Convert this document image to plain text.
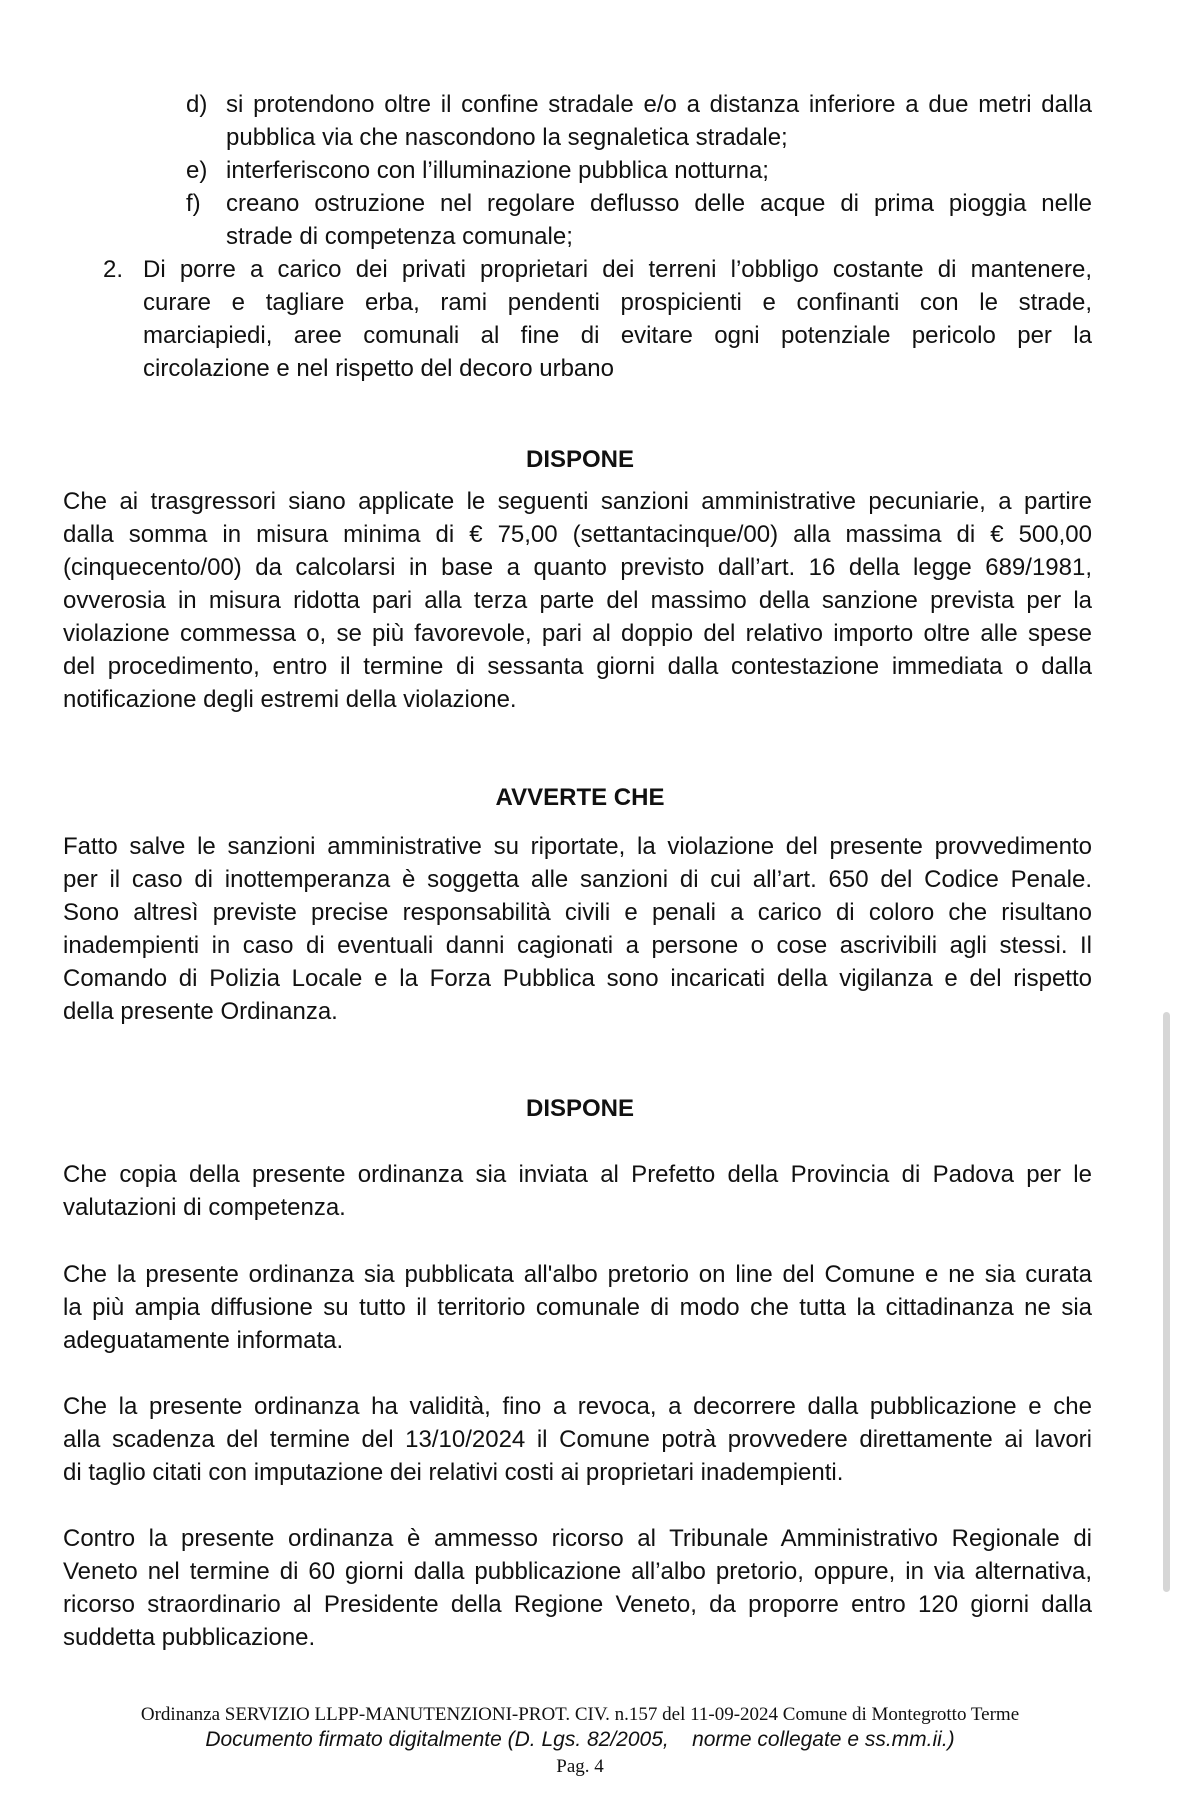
d) si protendono oltre il confine stradale e/o a distanza inferiore a due metri dalla
pubblica via che nascondono la segnaletica stradale;
e) interferiscono con l’illuminazione pubblica notturna;
f) creano ostruzione nel regolare deflusso delle acque di prima pioggia nelle
strade di competenza comunale;
2. Di porre a carico dei privati proprietari dei terreni l’obbligo costante di mantenere,
curare e tagliare erba, rami pendenti prospicienti e confinanti con le strade,
marciapiedi, aree comunali al fine di evitare ogni potenziale pericolo per la
circolazione e nel rispetto del decoro urbano
DISPONE
Che ai trasgressori siano applicate le seguenti sanzioni amministrative pecuniarie, a partire
dalla somma in misura minima di € 75,00 (settantacinque/00) alla massima di € 500,00
(cinquecento/00) da calcolarsi in base a quanto previsto dall’art. 16 della legge 689/1981,
ovverosia in misura ridotta pari alla terza parte del massimo della sanzione prevista per la
violazione commessa o, se più favorevole, pari al doppio del relativo importo oltre alle spese
del procedimento, entro il termine di sessanta giorni dalla contestazione immediata o dalla
notificazione degli estremi della violazione.
AVVERTE CHE
Fatto salve le sanzioni amministrative su riportate, la violazione del presente provvedimento
per il caso di inottemperanza è soggetta alle sanzioni di cui all’art. 650 del Codice Penale.
Sono altresì previste precise responsabilità civili e penali a carico di coloro che risultano
inadempienti in caso di eventuali danni cagionati a persone o cose ascrivibili agli stessi. Il
Comando di Polizia Locale e la Forza Pubblica sono incaricati della vigilanza e del rispetto
della presente Ordinanza.
DISPONE
Che copia della presente ordinanza sia inviata al Prefetto della Provincia di Padova per le
valutazioni di competenza.
Che la presente ordinanza sia pubblicata all'albo pretorio on line del Comune e ne sia curata
la più ampia diffusione su tutto il territorio comunale di modo che tutta la cittadinanza ne sia
adeguatamente informata.
Che la presente ordinanza ha validità, fino a revoca, a decorrere dalla pubblicazione e che
alla scadenza del termine del 13/10/2024 il Comune potrà provvedere direttamente ai lavori
di taglio citati con imputazione dei relativi costi ai proprietari inadempienti.
Contro la presente ordinanza è ammesso ricorso al Tribunale Amministrativo Regionale di
Veneto nel termine di 60 giorni dalla pubblicazione all’albo pretorio, oppure, in via alternativa,
ricorso straordinario al Presidente della Regione Veneto, da proporre entro 120 giorni dalla
suddetta pubblicazione.
Ordinanza SERVIZIO LLPP-MANUTENZIONI-PROT. CIV. n.157 del 11-09-2024 Comune di Montegrotto Terme
Documento firmato digitalmente (D. Lgs. 82/2005,    norme collegate e ss.mm.ii.)
Pag. 4
